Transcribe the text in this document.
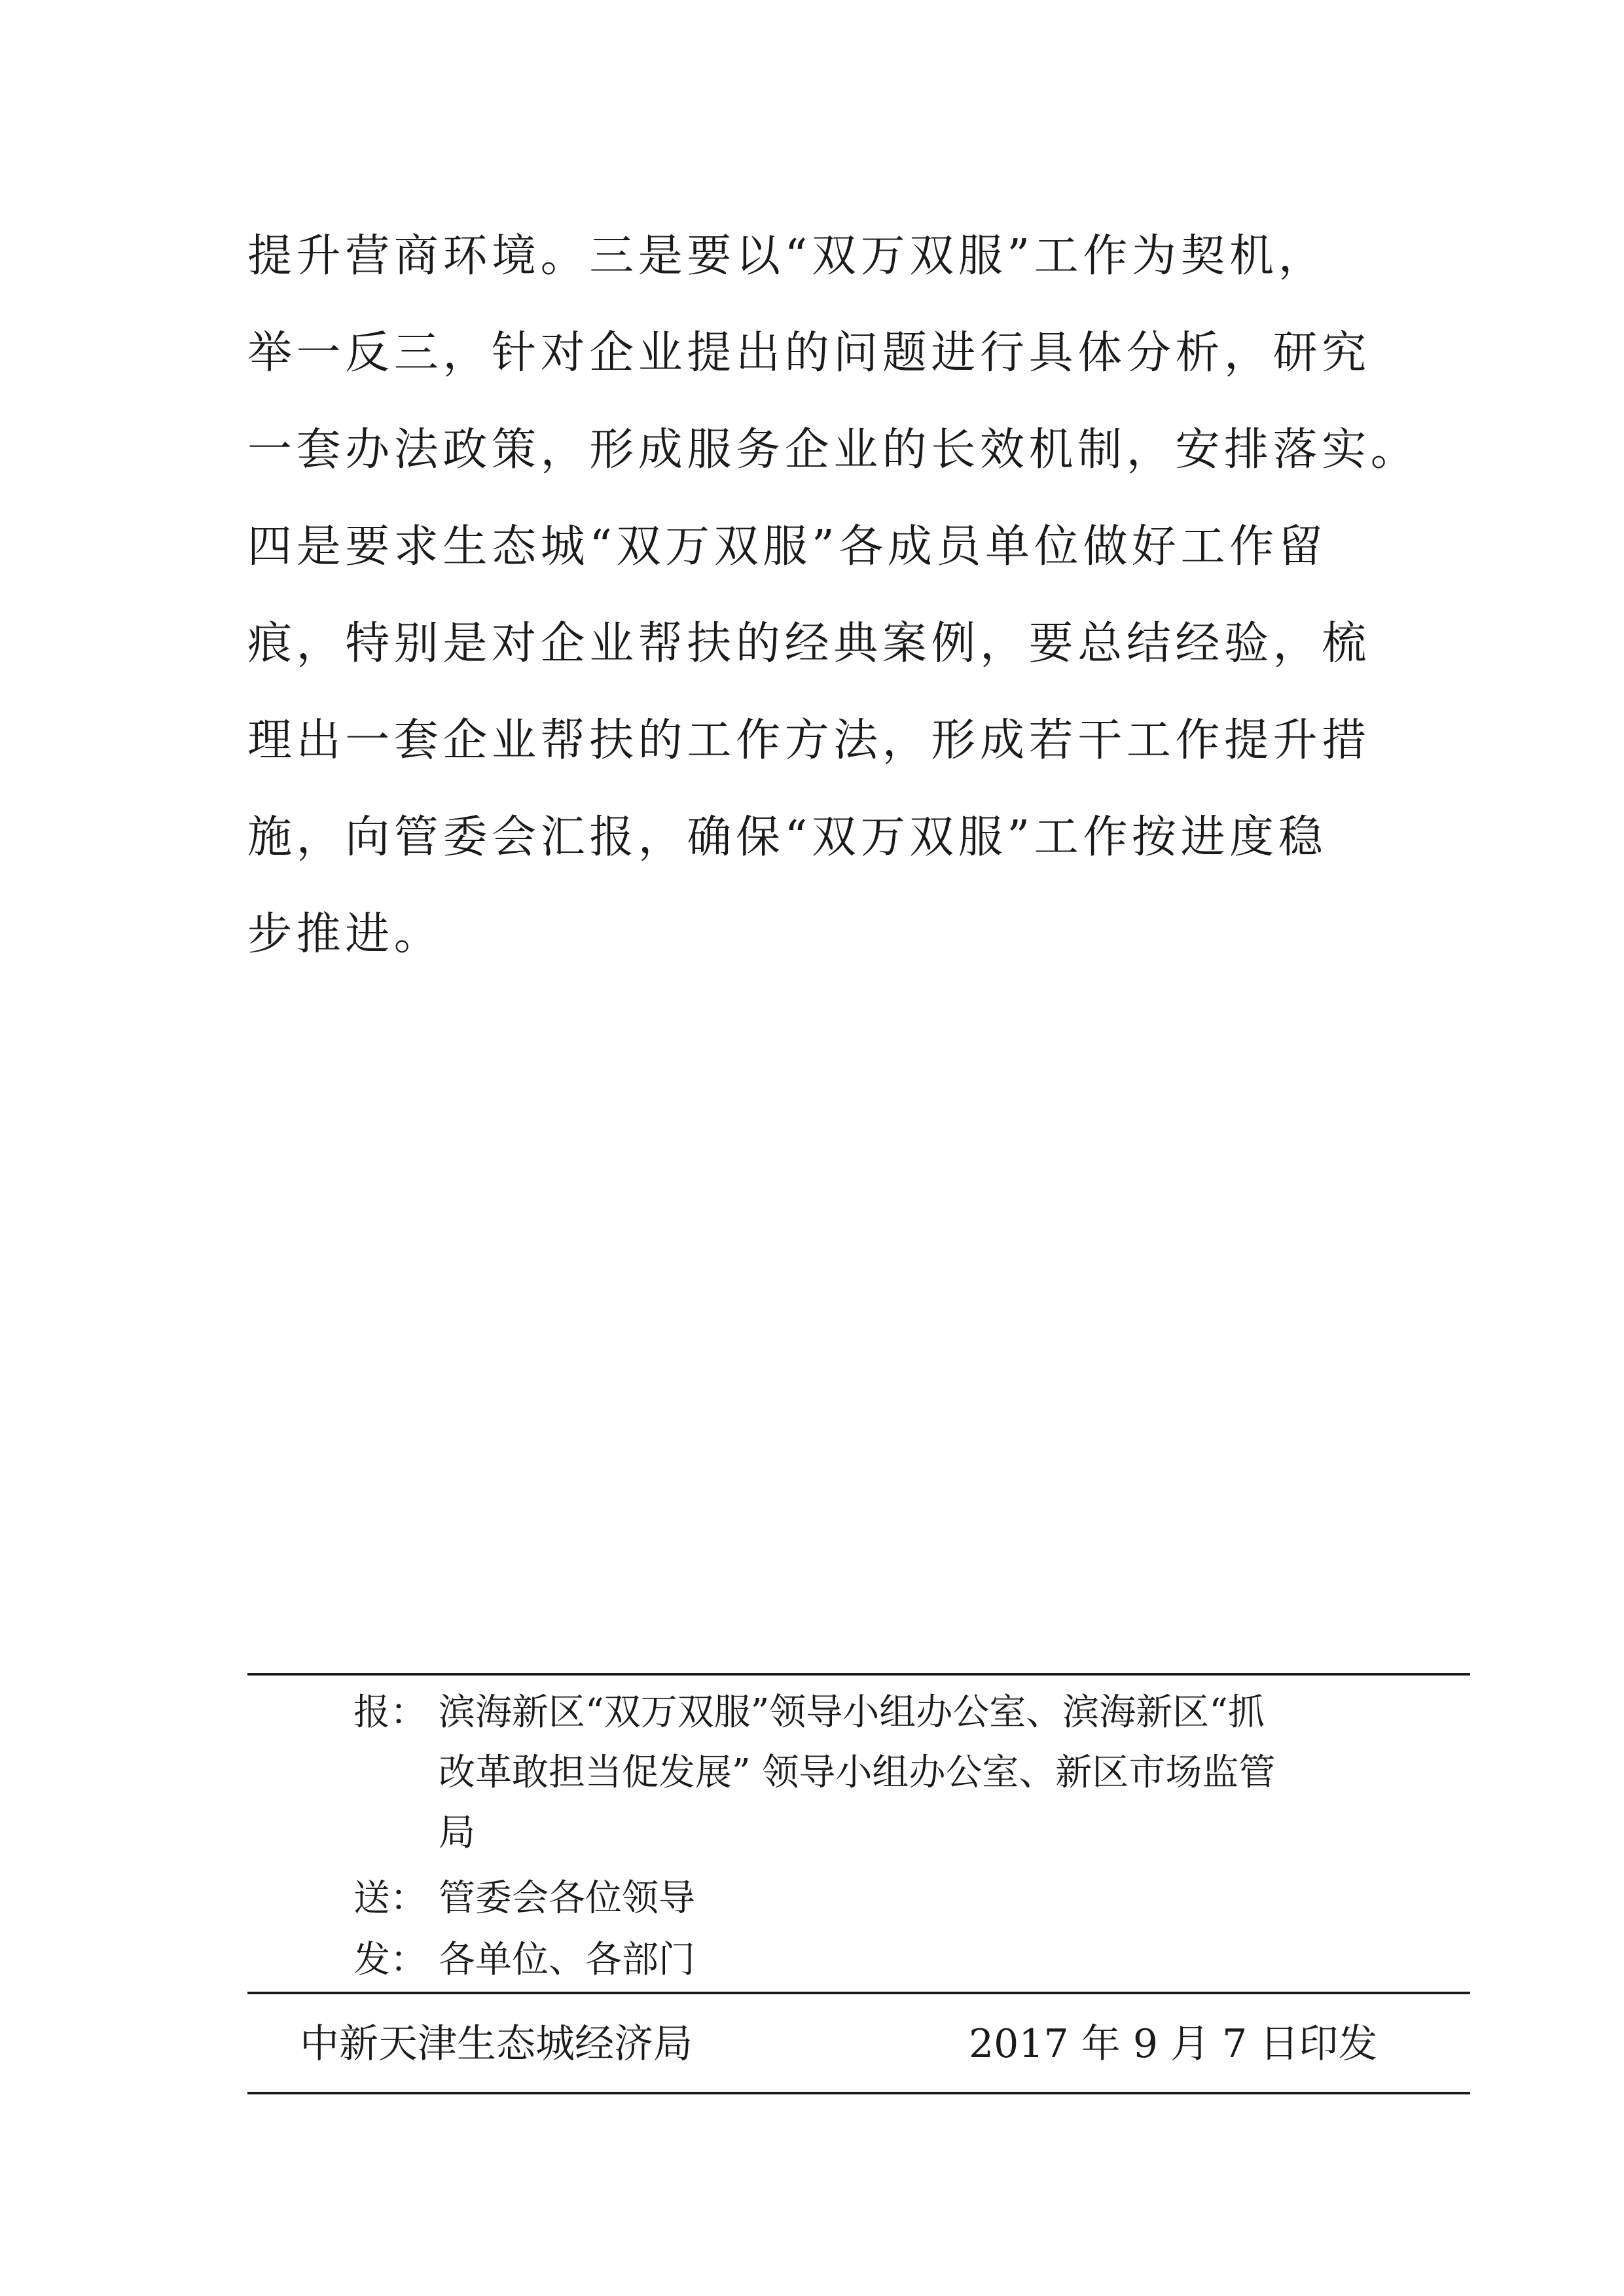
提升营商环境。三是要以“双万双服”工作为契机，
举一反三，针对企业提出的问题进行具体分析，研究
一套办法政策，形成服务企业的长效机制，安排落实。
四是要求生态城“双万双服”各成员单位做好工作留
痕，特别是对企业帮扶的经典案例，要总结经验，梳
理出一套企业帮扶的工作方法，形成若干工作提升措
施，向管委会汇报，确保“双万双服”工作按进度稳
步推进。
报： 滨海新区“双万双服”领导小组办公室、滨海新区“抓
改革敢担当促发展” 领导小组办公室、新区市场监管
局
送： 管委会各位领导
发： 各单位、各部门
中新天津生态城经济局	2017 年 9 月 7 日印发
